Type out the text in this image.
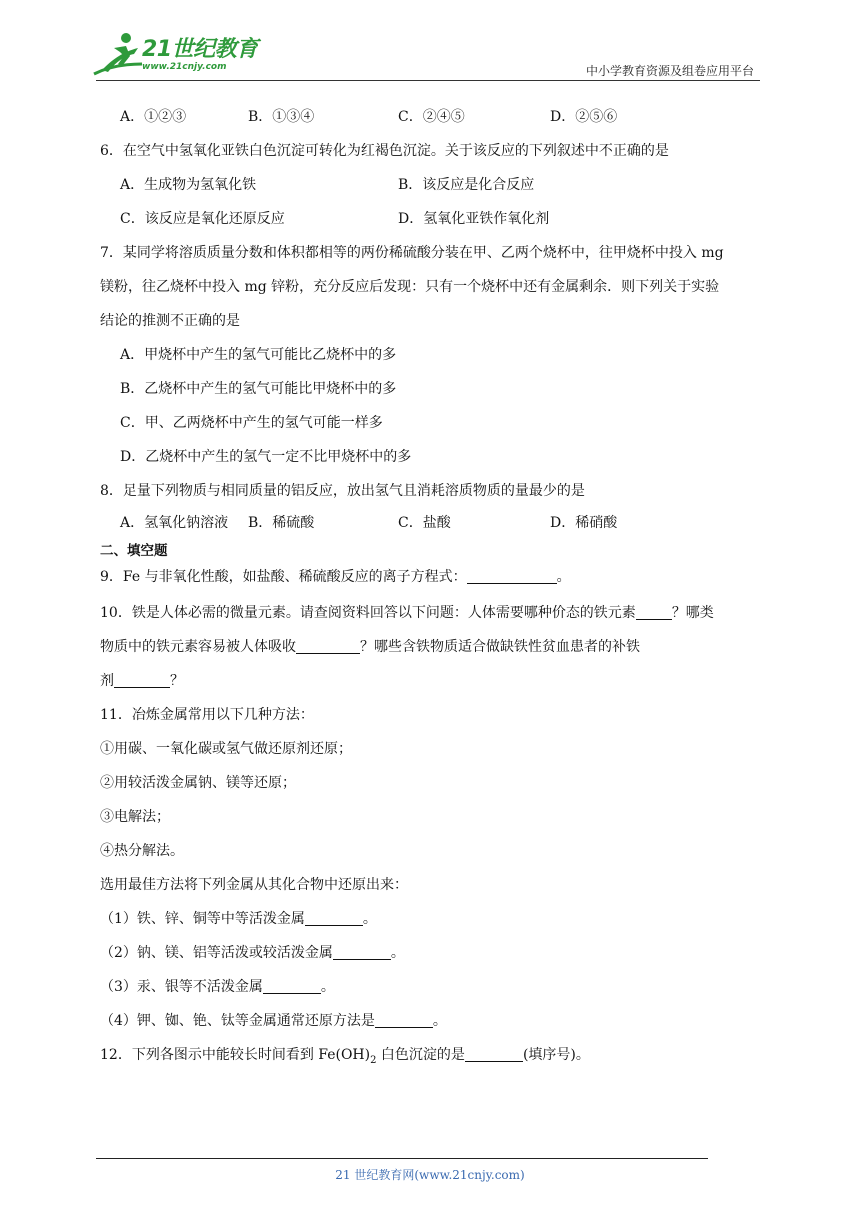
21世纪教育
www.21cnjy.com	中小学教育资源及组卷应用平台
A．①②③	B．①③④	C．②④⑤	D．②⑤⑥
6．在空气中氢氧化亚铁白色沉淀可转化为红褐色沉淀。关于该反应的下列叙述中不正确的是
A．生成物为氢氧化铁	B．该反应是化合反应
C．该反应是氧化还原反应	D．氢氧化亚铁作氧化剂
7．某同学将溶质质量分数和体积都相等的两份稀硫酸分装在甲、乙两个烧杯中，往甲烧杯中投入 mg
镁粉，往乙烧杯中投入 mg 锌粉，充分反应后发现：只有一个烧杯中还有金属剩余．则下列关于实验
结论的推测不正确的是
A．甲烧杯中产生的氢气可能比乙烧杯中的多
B．乙烧杯中产生的氢气可能比甲烧杯中的多
C．甲、乙两烧杯中产生的氢气可能一样多
D．乙烧杯中产生的氢气一定不比甲烧杯中的多
8．足量下列物质与相同质量的铝反应，放出氢气且消耗溶质物质的量最少的是
A．氢氧化钠溶液 B．稀硫酸	C．盐酸	D．稀硝酸
二、填空题
9．Fe 与非氧化性酸，如盐酸、稀硫酸反应的离子方程式：	。
10．铁是人体必需的微量元素。请查阅资料回答以下问题：人体需要哪种价态的铁元素	？哪类
物质中的铁元素容易被人体吸收	？哪些含铁物质适合做缺铁性贫血患者的补铁
剂	？
11．冶炼金属常用以下几种方法：
①用碳、一氧化碳或氢气做还原剂还原；
②用较活泼金属钠、镁等还原；
③电解法；
④热分解法。
选用最佳方法将下列金属从其化合物中还原出来：
（1）铁、锌、铜等中等活泼金属	。
（2）钠、镁、铝等活泼或较活泼金属	。
（3）汞、银等不活泼金属	。
（4）钾、铷、铯、钛等金属通常还原方法是	。
12．下列各图示中能较长时间看到 $Fe(OH)_2$ 白色沉淀的是	(填序号)。
21 世纪教育网(www.21cnjy.com)
